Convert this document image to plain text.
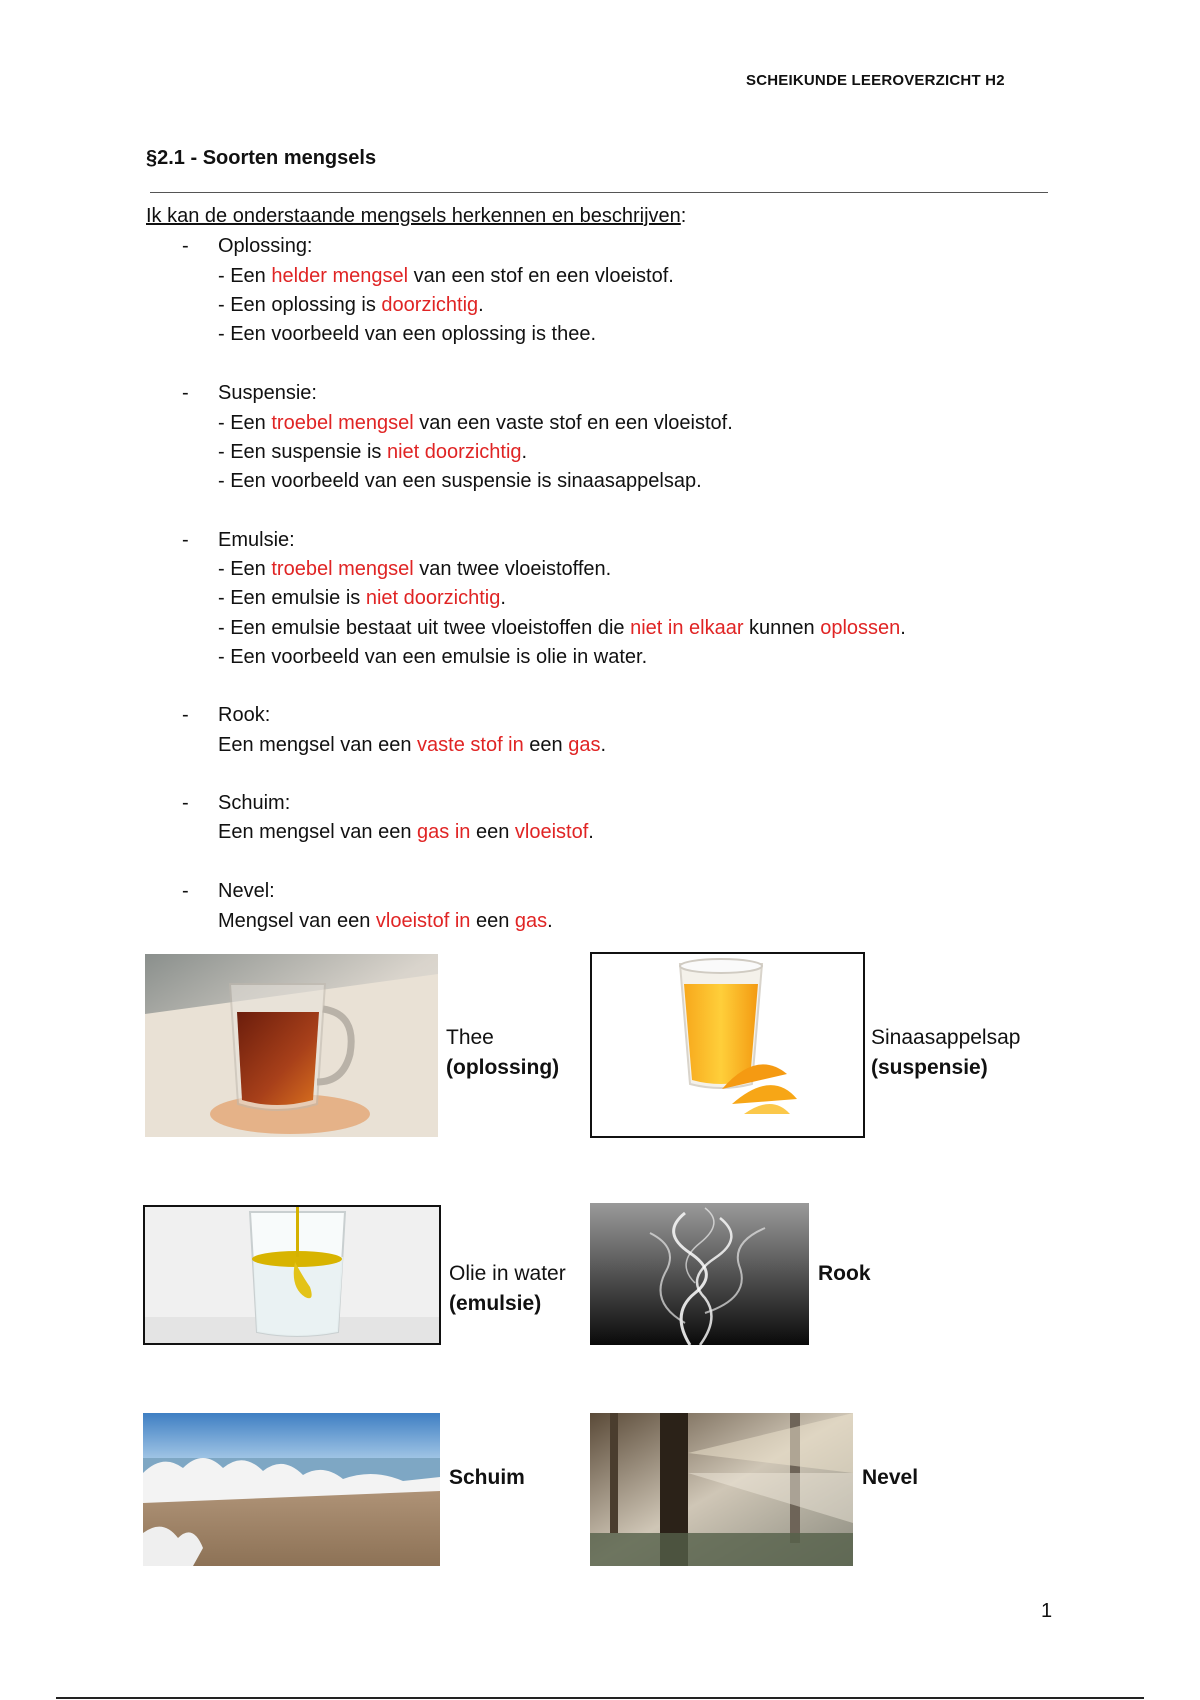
SCHEIKUNDE LEEROVERZICHT H2
§2.1 - Soorten mengsels
Ik kan de onderstaande mengsels herkennen en beschrijven:
- Oplossing:
- Een helder mengsel van een stof en een vloeistof.
- Een oplossing is doorzichtig.
- Een voorbeeld van een oplossing is thee.
- Suspensie:
- Een troebel mengsel van een vaste stof en een vloeistof.
- Een suspensie is niet doorzichtig.
- Een voorbeeld van een suspensie is sinaasappelsap.
- Emulsie:
- Een troebel mengsel van twee vloeistoffen.
- Een emulsie is niet doorzichtig.
- Een emulsie bestaat uit twee vloeistoffen die niet in elkaar kunnen oplossen.
- Een voorbeeld van een emulsie is olie in water.
- Rook:
Een mengsel van een vaste stof in een gas.
- Schuim:
Een mengsel van een gas in een vloeistof.
- Nevel:
Mengsel van een vloeistof in een gas.
Thee
(oplossing)
Sinaasappelsap
(suspensie)
Olie in water
(emulsie)
Rook
Schuim	Nevel
1
